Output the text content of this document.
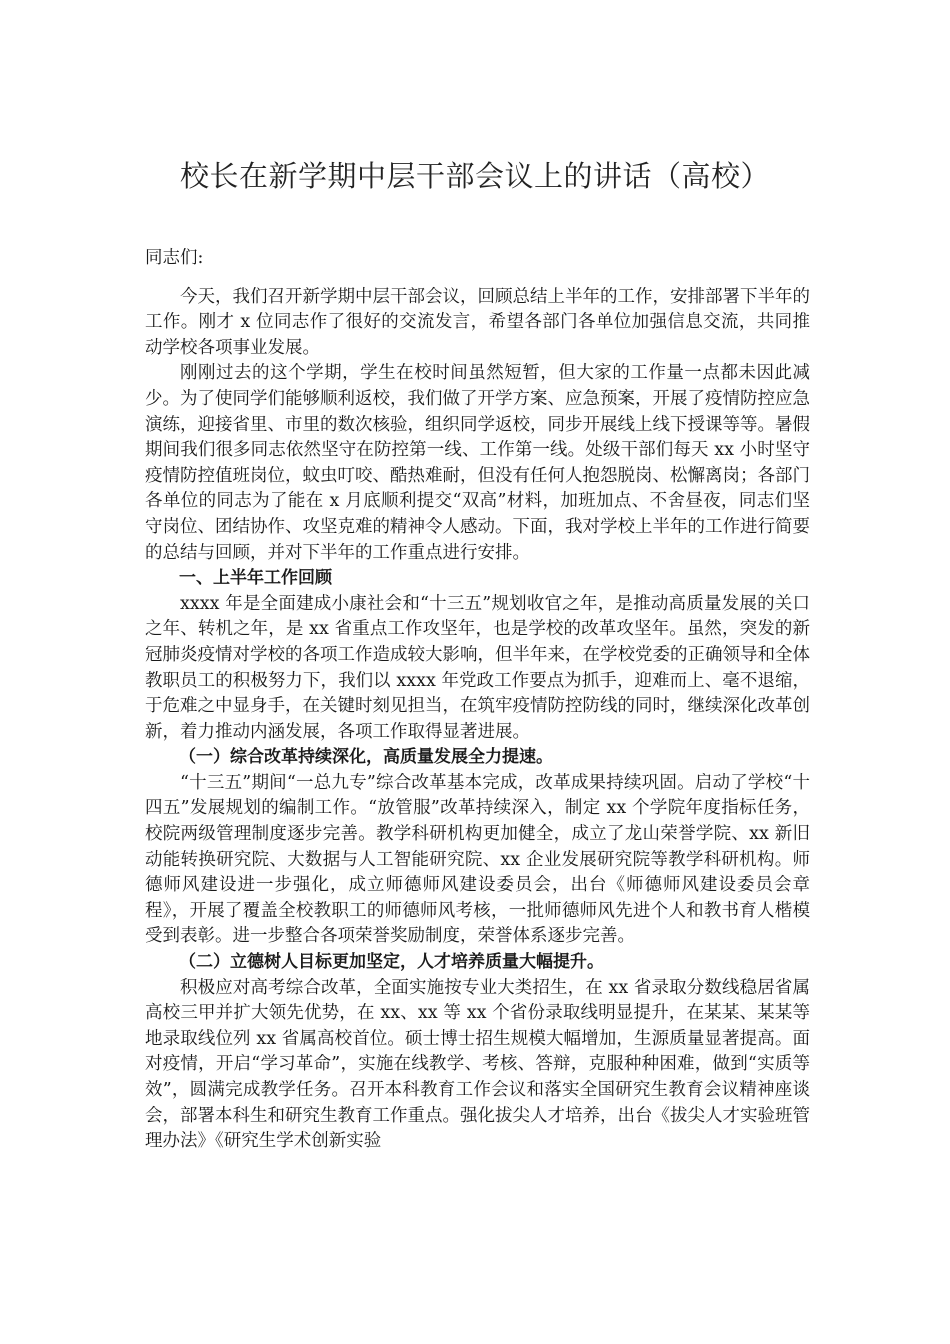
校长在新学期中层干部会议上的讲话（高校）

同志们:

今天，我们召开新学期中层干部会议，回顾总结上半年的工作，安排部署下半年的工作。刚才 x 位同志作了很好的交流发言，希望各部门各单位加强信息交流，共同推动学校各项事业发展。

刚刚过去的这个学期，学生在校时间虽然短暂，但大家的工作量一点都未因此减少。为了使同学们能够顺利返校，我们做了开学方案、应急预案，开展了疫情防控应急演练，迎接省里、市里的数次核验，组织同学返校，同步开展线上线下授课等等。暑假期间我们很多同志依然坚守在防控第一线、工作第一线。处级干部们每天 xx 小时坚守疫情防控值班岗位，蚊虫叮咬、酷热难耐，但没有任何人抱怨脱岗、松懈离岗；各部门各单位的同志为了能在 x 月底顺利提交“双高”材料，加班加点、不舍昼夜，同志们坚守岗位、团结协作、攻坚克难的精神令人感动。下面，我对学校上半年的工作进行简要的总结与回顾，并对下半年的工作重点进行安排。

一、上半年工作回顾

xxxx 年是全面建成小康社会和“十三五”规划收官之年，是推动高质量发展的关口之年、转机之年，是 xx 省重点工作攻坚年，也是学校的改革攻坚年。虽然，突发的新冠肺炎疫情对学校的各项工作造成较大影响，但半年来，在学校党委的正确领导和全体教职员工的积极努力下，我们以 xxxx 年党政工作要点为抓手，迎难而上、毫不退缩，于危难之中显身手，在关键时刻见担当，在筑牢疫情防控防线的同时，继续深化改革创新，着力推动内涵发展，各项工作取得显著进展。

（一）综合改革持续深化，高质量发展全力提速。

“十三五”期间“一总九专”综合改革基本完成，改革成果持续巩固。启动了学校“十四五”发展规划的编制工作。“放管服”改革持续深入，制定 xx 个学院年度指标任务，校院两级管理制度逐步完善。教学科研机构更加健全，成立了龙山荣誉学院、xx 新旧动能转换研究院、大数据与人工智能研究院、xx 企业发展研究院等教学科研机构。师德师风建设进一步强化，成立师德师风建设委员会，出台《师德师风建设委员会章程》，开展了覆盖全校教职工的师德师风考核，一批师德师风先进个人和教书育人楷模受到表彰。进一步整合各项荣誉奖励制度，荣誉体系逐步完善。

（二）立德树人目标更加坚定，人才培养质量大幅提升。

积极应对高考综合改革，全面实施按专业大类招生，在 xx 省录取分数线稳居省属高校三甲并扩大领先优势，在 xx、xx 等 xx 个省份录取线明显提升，在某某、某某等地录取线位列 xx 省属高校首位。硕士博士招生规模大幅增加，生源质量显著提高。面对疫情，开启“学习革命”，实施在线教学、考核、答辩，克服种种困难，做到“实质等效”，圆满完成教学任务。召开本科教育工作会议和落实全国研究生教育会议精神座谈会，部署本科生和研究生教育工作重点。强化拔尖人才培养，出台《拔尖人才实验班管理办法》《研究生学术创新实验
